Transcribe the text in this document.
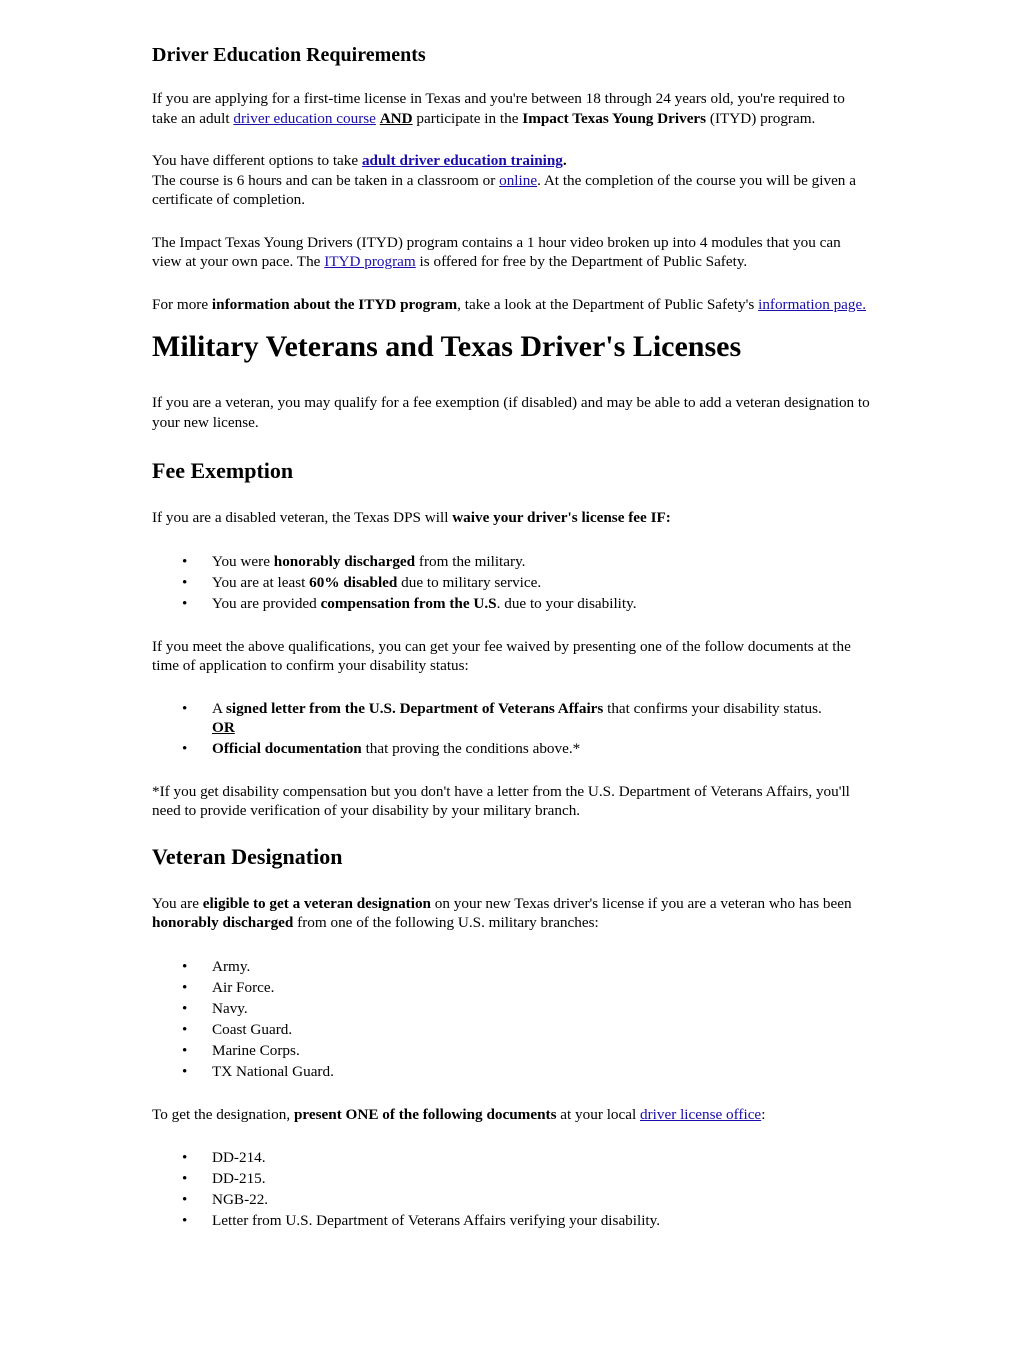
Driver Education Requirements

If you are applying for a first-time license in Texas and you're between 18 through 24 years old, you're required to take an adult driver education course AND participate in the Impact Texas Young Drivers (ITYD) program.

You have different options to take adult driver education training.
The course is 6 hours and can be taken in a classroom or online. At the completion of the course you will be given a certificate of completion.

The Impact Texas Young Drivers (ITYD) program contains a 1 hour video broken up into 4 modules that you can view at your own pace. The ITYD program is offered for free by the Department of Public Safety.

For more information about the ITYD program, take a look at the Department of Public Safety's information page.

Military Veterans and Texas Driver's Licenses

If you are a veteran, you may qualify for a fee exemption (if disabled) and may be able to add a veteran designation to your new license.

Fee Exemption

If you are a disabled veteran, the Texas DPS will waive your driver's license fee IF:

• You were honorably discharged from the military.
• You are at least 60% disabled due to military service.
• You are provided compensation from the U.S. due to your disability.

If you meet the above qualifications, you can get your fee waived by presenting one of the follow documents at the time of application to confirm your disability status:

• A signed letter from the U.S. Department of Veterans Affairs that confirms your disability status.
OR
• Official documentation that proving the conditions above.*

*If you get disability compensation but you don't have a letter from the U.S. Department of Veterans Affairs, you'll need to provide verification of your disability by your military branch.

Veteran Designation

You are eligible to get a veteran designation on your new Texas driver's license if you are a veteran who has been honorably discharged from one of the following U.S. military branches:

• Army.
• Air Force.
• Navy.
• Coast Guard.
• Marine Corps.
• TX National Guard.

To get the designation, present ONE of the following documents at your local driver license office:

• DD-214.
• DD-215.
• NGB-22.
• Letter from U.S. Department of Veterans Affairs verifying your disability.
